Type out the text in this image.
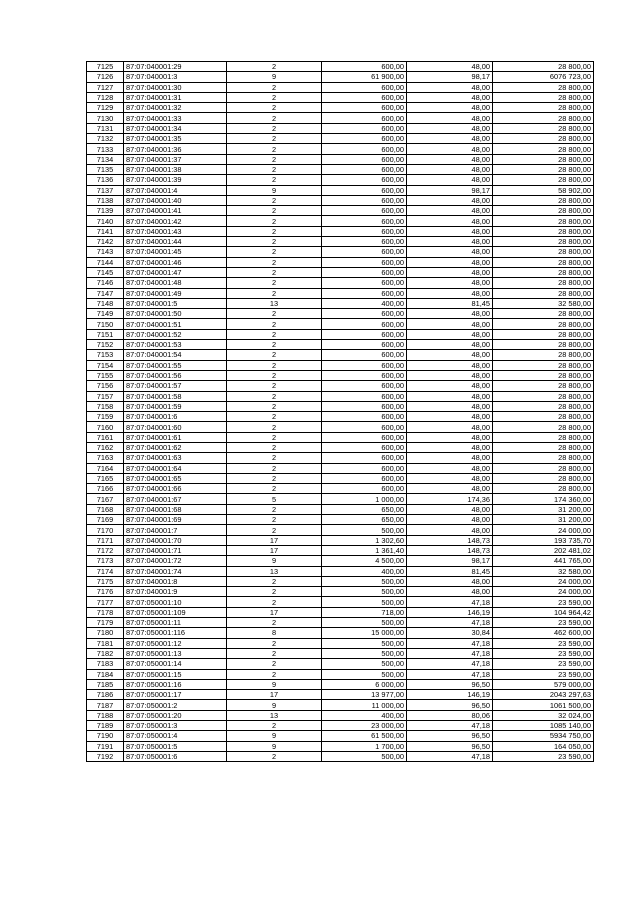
7125	87:07:040001:29	2	600,00	48,00	28 800,00
7126	87:07:040001:3	9	61 900,00	98,17	6076 723,00
7127	87:07:040001:30	2	600,00	48,00	28 800,00
7128	87:07:040001:31	2	600,00	48,00	28 800,00
7129	87:07:040001:32	2	600,00	48,00	28 800,00
7130	87:07:040001:33	2	600,00	48,00	28 800,00
7131	87:07:040001:34	2	600,00	48,00	28 800,00
7132	87:07:040001:35	2	600,00	48,00	28 800,00
7133	87:07:040001:36	2	600,00	48,00	28 800,00
7134	87:07:040001:37	2	600,00	48,00	28 800,00
7135	87:07:040001:38	2	600,00	48,00	28 800,00
7136	87:07:040001:39	2	600,00	48,00	28 800,00
7137	87:07:040001:4	9	600,00	98,17	58 902,00
7138	87:07:040001:40	2	600,00	48,00	28 800,00
7139	87:07:040001:41	2	600,00	48,00	28 800,00
7140	87:07:040001:42	2	600,00	48,00	28 800,00
7141	87:07:040001:43	2	600,00	48,00	28 800,00
7142	87:07:040001:44	2	600,00	48,00	28 800,00
7143	87:07:040001:45	2	600,00	48,00	28 800,00
7144	87:07:040001:46	2	600,00	48,00	28 800,00
7145	87:07:040001:47	2	600,00	48,00	28 800,00
7146	87:07:040001:48	2	600,00	48,00	28 800,00
7147	87:07:040001:49	2	600,00	48,00	28 800,00
7148	87:07:040001:5	13	400,00	81,45	32 580,00
7149	87:07:040001:50	2	600,00	48,00	28 800,00
7150	87:07:040001:51	2	600,00	48,00	28 800,00
7151	87:07:040001:52	2	600,00	48,00	28 800,00
7152	87:07:040001:53	2	600,00	48,00	28 800,00
7153	87:07:040001:54	2	600,00	48,00	28 800,00
7154	87:07:040001:55	2	600,00	48,00	28 800,00
7155	87:07:040001:56	2	600,00	48,00	28 800,00
7156	87:07:040001:57	2	600,00	48,00	28 800,00
7157	87:07:040001:58	2	600,00	48,00	28 800,00
7158	87:07:040001:59	2	600,00	48,00	28 800,00
7159	87:07:040001:6	2	600,00	48,00	28 800,00
7160	87:07:040001:60	2	600,00	48,00	28 800,00
7161	87:07:040001:61	2	600,00	48,00	28 800,00
7162	87:07:040001:62	2	600,00	48,00	28 800,00
7163	87:07:040001:63	2	600,00	48,00	28 800,00
7164	87:07:040001:64	2	600,00	48,00	28 800,00
7165	87:07:040001:65	2	600,00	48,00	28 800,00
7166	87:07:040001:66	2	600,00	48,00	28 800,00
7167	87:07:040001:67	5	1 000,00	174,36	174 360,00
7168	87:07:040001:68	2	650,00	48,00	31 200,00
7169	87:07:040001:69	2	650,00	48,00	31 200,00
7170	87:07:040001:7	2	500,00	48,00	24 000,00
7171	87:07:040001:70	17	1 302,60	148,73	193 735,70
7172	87:07:040001:71	17	1 361,40	148,73	202 481,02
7173	87:07:040001:72	9	4 500,00	98,17	441 765,00
7174	87:07:040001:74	13	400,00	81,45	32 580,00
7175	87:07:040001:8	2	500,00	48,00	24 000,00
7176	87:07:040001:9	2	500,00	48,00	24 000,00
7177	87:07:050001:10	2	500,00	47,18	23 590,00
7178	87:07:050001:109	17	718,00	146,19	104 964,42
7179	87:07:050001:11	2	500,00	47,18	23 590,00
7180	87:07:050001:116	8	15 000,00	30,84	462 600,00
7181	87:07:050001:12	2	500,00	47,18	23 590,00
7182	87:07:050001:13	2	500,00	47,18	23 590,00
7183	87:07:050001:14	2	500,00	47,18	23 590,00
7184	87:07:050001:15	2	500,00	47,18	23 590,00
7185	87:07:050001:16	9	6 000,00	96,50	579 000,00
7186	87:07:050001:17	17	13 977,00	146,19	2043 297,63
7187	87:07:050001:2	9	11 000,00	96,50	1061 500,00
7188	87:07:050001:20	13	400,00	80,06	32 024,00
7189	87:07:050001:3	2	23 000,00	47,18	1085 140,00
7190	87:07:050001:4	9	61 500,00	96,50	5934 750,00
7191	87:07:050001:5	9	1 700,00	96,50	164 050,00
7192	87:07:050001:6	2	500,00	47,18	23 590,00
